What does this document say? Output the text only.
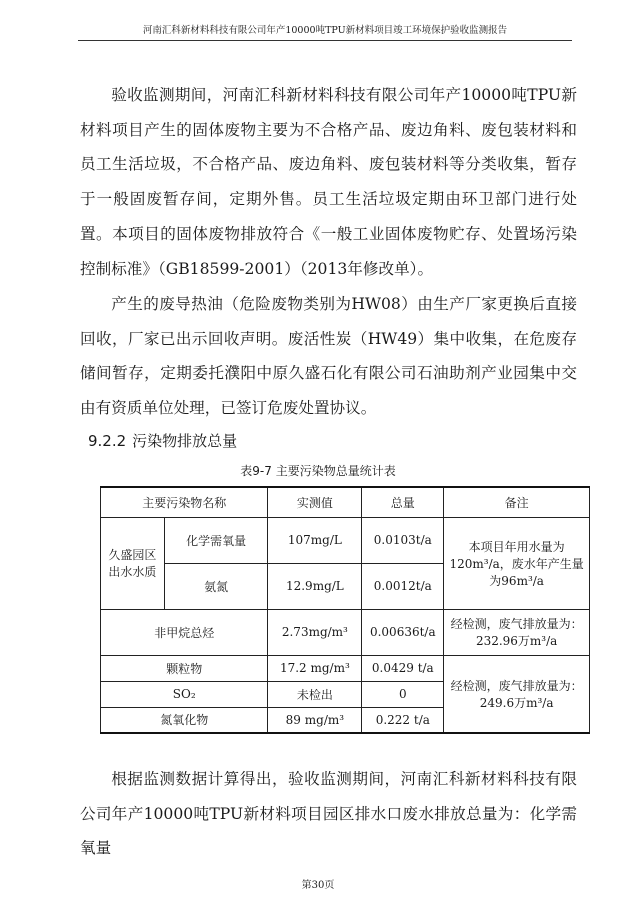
河南汇科新材料科技有限公司年产10000吨TPU新材料项目竣工环境保护验收监测报告

验收监测期间，河南汇科新材料科技有限公司年产10000吨TPU新材料项目产生的固体废物主要为不合格产品、废边角料、废包装材料和员工生活垃圾，不合格产品、废边角料、废包装材料等分类收集，暂存于一般固废暂存间，定期外售。员工生活垃圾定期由环卫部门进行处置。本项目的固体废物排放符合《一般工业固体废物贮存、处置场污染控制标准》（GB18599-2001）（2013年修改单）。

产生的废导热油（危险废物类别为HW08）由生产厂家更换后直接回收，厂家已出示回收声明。废活性炭（HW49）集中收集，在危废存储间暂存，定期委托濮阳中原久盛石化有限公司石油助剂产业园集中交由有资质单位处理，已签订危废处置协议。

9.2.2 污染物排放总量
表9-7 主要污染物总量统计表
主要污染物名称		实测值	总量	备注
久盛园区出水水质	化学需氧量	107mg/L	0.0103t/a	本项目年用水量为120m³/a，废水年产生量为96m³/a
	氨氮	12.9mg/L	0.0012t/a	
非甲烷总烃		2.73mg/m³	0.00636t/a	经检测，废气排放量为：232.96万m³/a
颗粒物		17.2 mg/m³	0.0429 t/a	经检测，废气排放量为：249.6万m³/a
SO₂		未检出	0	
氮氧化物		89 mg/m³	0.222 t/a	

根据监测数据计算得出，验收监测期间，河南汇科新材料科技有限公司年产10000吨TPU新材料项目园区排水口废水排放总量为：化学需氧量

第30页
